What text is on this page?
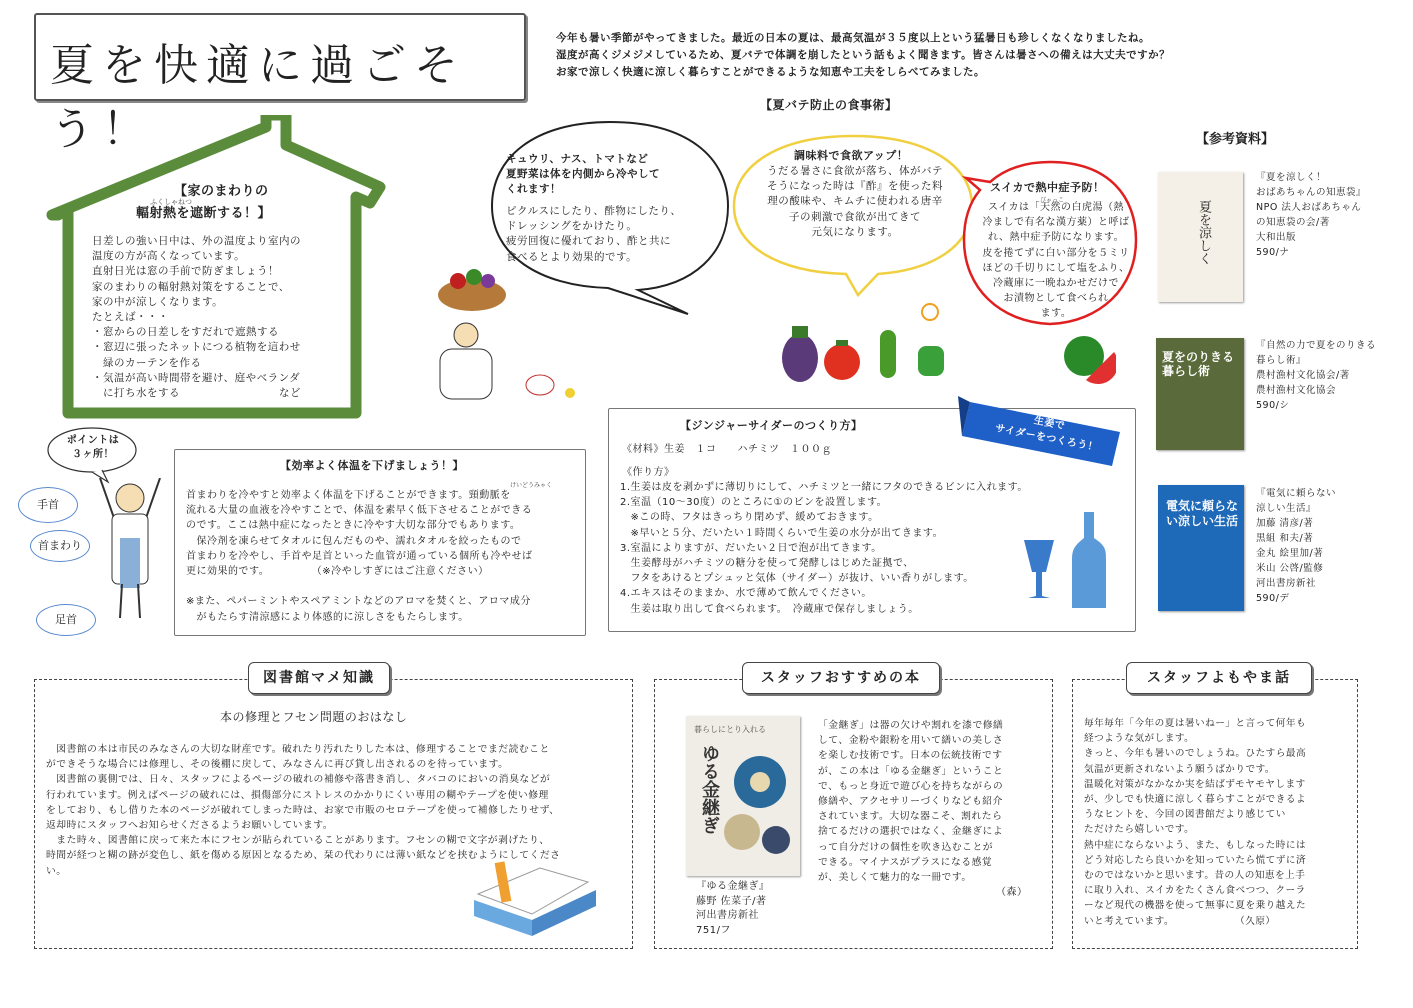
夏を快適に過ごそう！
今年も暑い季節がやってきました。最近の日本の夏は、最高気温が３５度以上という猛暑日も珍しくなくなりましたね。
湿度が高くジメジメしているため、夏バテで体調を崩したという話もよく聞きます。皆さんは暑さへの備えは大丈夫ですか？
お家で涼しく快適に涼しく暮らすことができるような知恵や工夫をしらべてみました。
【家のまわりの
ふくしゃねつ
輻射熱を遮断する！】
日差しの強い日中は、外の温度より室内の
温度の方が高くなっています。
直射日光は窓の手前で防ぎましょう！
家のまわりの輻射熱対策をすることで、
家の中が涼しくなります。
たとえば・・・
・窓からの日差しをすだれで遮熱する
・窓辺に張ったネットにつる植物を這わせ
　緑のカーテンを作る
・気温が高い時間帯を避け、庭やベランダ
　に打ち水をする　　　　　　　　　など
【夏バテ防止の食事術】
キュウリ、ナス、トマトなど
夏野菜は体を内側から冷やして
くれます！
ピクルスにしたり、酢物にしたり、
ドレッシングをかけたり。
疲労回復に優れており、酢と共に
食べるとより効果的です。
調味料で食欲アップ！
うだる暑さに食欲が落ち、体がバテ
そうになった時は『酢』を使った料
理の酸味や、キムチに使われる唐辛
子の刺激で食欲が出てきて
元気になります。
スイカで熱中症予防！
びゃっこ
スイカは「天然の白虎湯（熱
冷ましで有名な漢方薬）と呼ば
れ、熱中症予防になります。
皮を捲てずに白い部分を５ミリ
ほどの千切りにして塩をふり、
冷蔵庫に一晩ねかせだけで
お漬物として食べられ
ます。
【参考資料】
夏を涼しく
『夏を涼しく！
おばあちゃんの知恵袋』
NPO 法人おばあちゃん
の知恵袋の会/著
大和出版
590/ナ
夏をのりきる暮らし術
『自然の力で夏をのりきる
暮らし術』
農村漁村文化協会/著
農村漁村文化協会
590/シ
電気に頼らない涼しい生活
『電気に頼らない
涼しい生活』
加藤 清彦/著
黒組 和夫/著
金丸 絵里加/著
米山 公啓/監修
河出書房新社
590/デ
ポイントは
３ヶ所！
手首
首まわり
足首
【効率よく体温を下げましょう！】
けいどうみゃく
首まわりを冷やすと効率よく体温を下げることができます。頸動脈を
流れる大量の血液を冷やすことで、体温を素早く低下させることができる
のです。ここは熱中症になったときに冷やす大切な部分でもあります。
　保冷剤を凍らせてタオルに包んだものや、濡れタオルを絞ったもので
首まわりを冷やし、手首や足首といった血管が通っている個所も冷やせば
更に効果的です。　　　　　（※冷やしすぎにはご注意ください）

※また、ペパーミントやスペアミントなどのアロマを焚くと、アロマ成分
　がもたらす清涼感により体感的に涼しさをもたらします。
【ジンジャーサイダーのつくり方】
《材料》生姜　１コ　　ハチミツ　１００ｇ
《作り方》
1.生姜は皮を剥かずに薄切りにして、ハチミツと一緒にフタのできるビンに入れます。
2.室温（10～30度）のところに①のビンを設置します。
　※この時、フタはきっちり閉めず、緩めておきます。
　※早いと５分、だいたい１時間くらいで生姜の水分が出てきます。
3.室温によりますが、だいたい２日で泡が出てきます。
　生姜酵母がハチミツの糖分を使って発酵しはじめた証拠で、
　フタをあけるとプシュッと気体（サイダー）が抜け、いい香りがします。
4.エキスはそのままか、水で薄めて飲んでください。
　生姜は取り出して食べられます。　冷蔵庫で保存しましょう。
生姜で
サイダーをつくろう！
図書館マメ知識
本の修理とフセン問題のおはなし
　図書館の本は市民のみなさんの大切な財産です。破れたり汚れたりした本は、修理することでまだ読むこと
ができそうな場合には修理し、その後棚に戻して、みなさんに再び貸し出されるのを待っています。
　図書館の裏側では、日々、スタッフによるページの破れの補修や落書き消し、タバコのにおいの消臭などが
行われています。例えばページの破れには、損傷部分にストレスのかかりにくい専用の糊やテープを使い修理
をしており、もし借りた本のページが破れてしまった時は、お家で市販のセロテープを使って補修したりせず、
返却時にスタッフへお知らせくださるようお願いしています。
　また時々、図書館に戻って来た本にフセンが貼られていることがあります。フセンの糊で文字が剥げたり、
時間が経つと糊の跡が変色し、紙を傷める原因となるため、栞の代わりには薄い紙などを挟むようにしてくださ
い。
スタッフおすすめの本
暮らしにとり入れる
ゆる金継ぎ
『ゆる金継ぎ』
藤野 佐菜子/著
河出書房新社
751/フ
「金継ぎ」は器の欠けや割れを漆で修繕
して、金粉や銀粉を用いて繕いの美しさ
を楽しむ技術です。日本の伝統技術です
が、この本は「ゆる金継ぎ」ということ
で、もっと身近で遊び心を持ちながらの
修繕や、アクセサリーづくりなども紹介
されています。大切な器こそ、割れたら
捨てるだけの選択ではなく、金継ぎによ
って自分だけの個性を吹き込むことが
できる。マイナスがプラスになる感覚
が、美しくて魅力的な一冊です。
（森）
スタッフよもやま話
毎年毎年「今年の夏は暑いねー」と言って何年も
経つような気がします。
きっと、今年も暑いのでしょうね。ひたすら最高
気温が更新されないよう願うばかりです。
温暖化対策がなかなか実を結ばずモヤモヤします
が、少しでも快適に涼しく暮らすことができるよ
うなヒントを、今回の図書館だより感じてい
ただけたら嬉しいです。
熱中症にならないよう、また、もしなった時には
どう対応したら良いかを知っていたら慌てずに済
むのではないかと思います。昔の人の知恵を上手
に取り入れ、スイカをたくさん食べつつ、クーラ
ーなど現代の機器を使って無事に夏を乗り越えた
いと考えています。　　　　　　　（久原）
